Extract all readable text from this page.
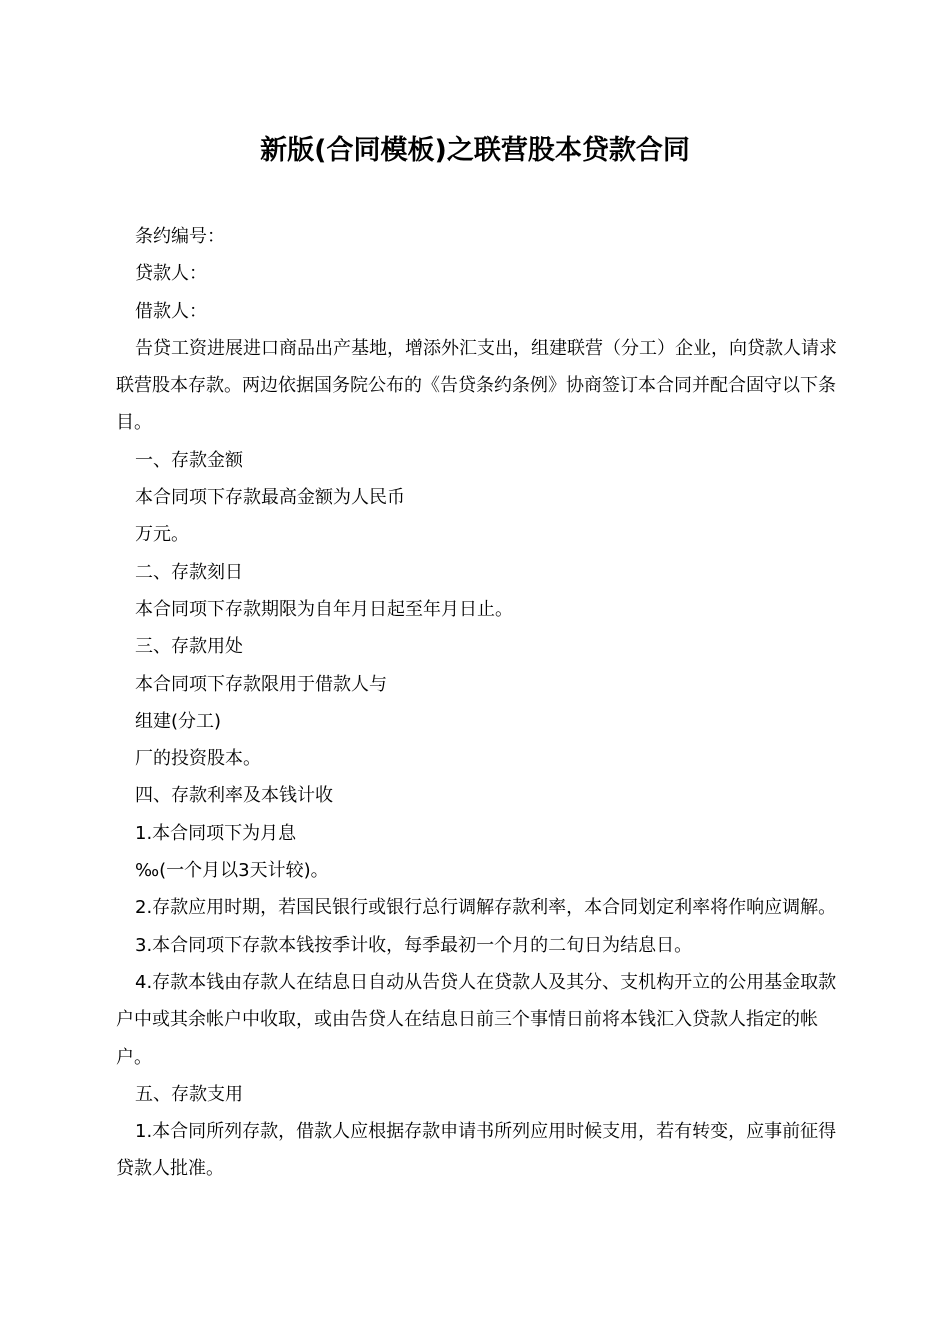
新版(合同模板)之联营股本贷款合同

条约编号：

贷款人：

借款人：

告贷工资进展进口商品出产基地，增添外汇支出，组建联营（分工）企业，向贷款人请求联营股本存款。两边依据国务院公布的《告贷条约条例》协商签订本合同并配合固守以下条目。

一、存款金额

本合同项下存款最高金额为人民币

万元。

二、存款刻日

本合同项下存款期限为自年月日起至年月日止。

三、存款用处

本合同项下存款限用于借款人与

组建(分工)

厂的投资股本。

四、存款利率及本钱计收

1.本合同项下为月息

‰(一个月以3天计较)。

2.存款应用时期，若国民银行或银行总行调解存款利率，本合同划定利率将作响应调解。

3.本合同项下存款本钱按季计收，每季最初一个月的二旬日为结息日。

4.存款本钱由存款人在结息日自动从告贷人在贷款人及其分、支机构开立的公用基金取款户中或其余帐户中收取，或由告贷人在结息日前三个事情日前将本钱汇入贷款人指定的帐户。

五、存款支用

1.本合同所列存款，借款人应根据存款申请书所列应用时候支用，若有转变，应事前征得贷款人批准。
